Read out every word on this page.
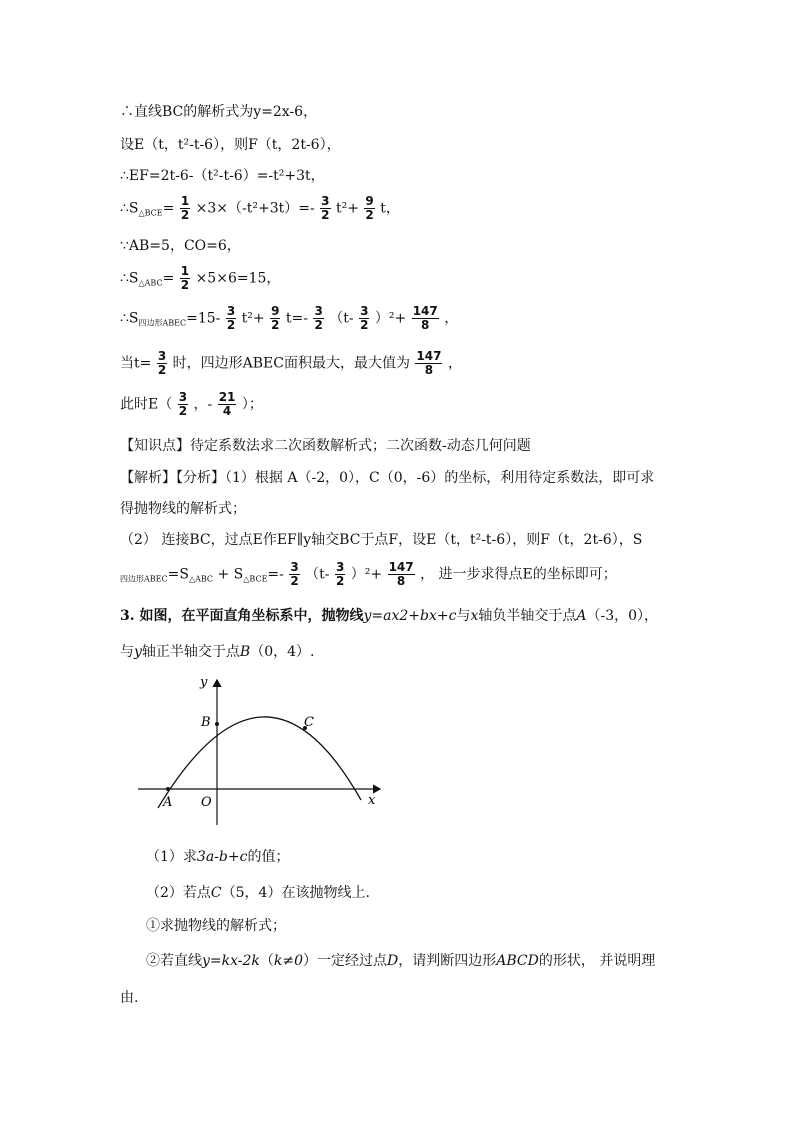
∴直线BC的解析式为y=2x-6，
设E（t，t²-t-6），则F（t，2t-6），
∴EF=2t-6-（t²-t-6）=-t²+3t，
$\therefore S_{\triangle BCE}= \frac{1}{2} \times 3\times(-t^2+3t)=- \frac{3}{2} t^2+ \frac{9}{2}$ t，
∵AB=5，CO=6，
$\therefore S_{\triangle ABC}= \frac{1}{2} \times 5\times 6=15$，
$\therefore S_{四边形ABEC}=15- \frac{3}{2} t^2+ \frac{9}{2} t=- \frac{3}{2} (t- \frac{3}{2} )^2+ \frac{147}{8}$ ，
当$t= \frac{3}{2}$ 时，四边形ABEC面积最大，最大值为 $\frac{147}{8}$ ，
此时$E( \frac{3}{2}$ ，- $\frac{21}{4}$ ）；
【知识点】待定系数法求二次函数解析式；二次函数-动态几何问题
【解析】【分析】（1）根据 A（-2，0），C（0，-6）的坐标，利用待定系数法，即可求
得抛物线的解析式；
（2） 连接BC，过点E作EF∥y轴交BC于点F，设E（t，t²-t-6），则F（t，2t-6），S
$_{四边形ABEC}=S_{\triangle ABC} + S_{\triangle BCE}=- \frac{3}{2} (t- \frac{3}{2} )^2+ \frac{147}{8}$ ， 进一步求得点E的坐标即可；
3. 如图，在平面直角坐标系中，抛物线y=ax2+bx+c与x轴负半轴交于点A（-3，0），
与y轴正半轴交于点B（0，4）.
y
x
O
A
B	C
（1）求3a-b+c的值；
（2）若点C（5，4）在该抛物线上.
①求抛物线的解析式；
②若直线y=kx-2k（k≠0）一定经过点D，请判断四边形ABCD的形状， 并说明理
由.
